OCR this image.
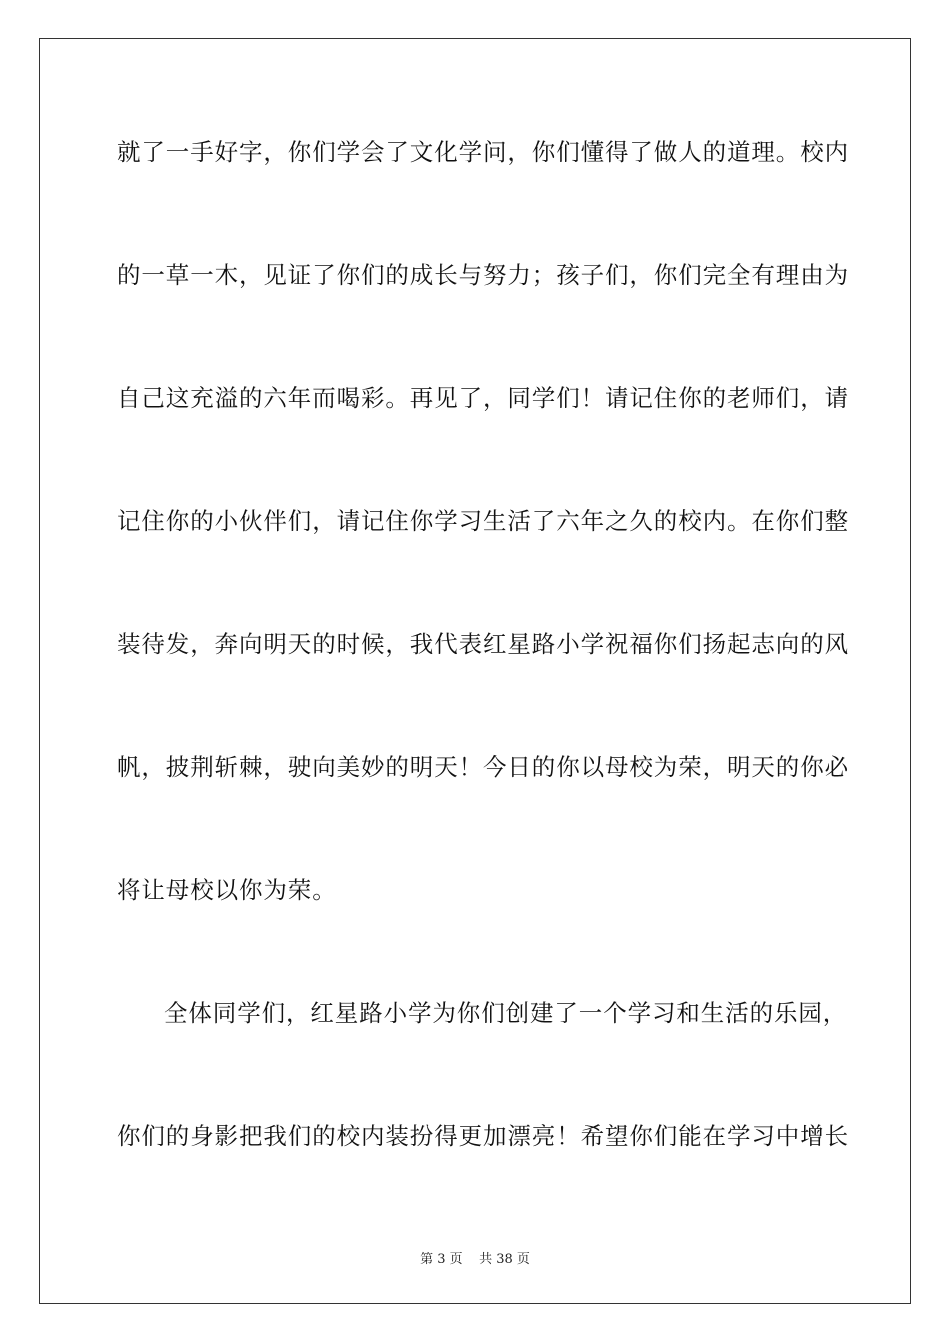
就了一手好字，你们学会了文化学问，你们懂得了做人的道理。校内
的一草一木，见证了你们的成长与努力；孩子们，你们完全有理由为
自己这充溢的六年而喝彩。再见了，同学们！请记住你的老师们，请
记住你的小伙伴们，请记住你学习生活了六年之久的校内。在你们整
装待发，奔向明天的时候，我代表红星路小学祝福你们扬起志向的风
帆，披荆斩棘，驶向美妙的明天！今日的你以母校为荣，明天的你必
将让母校以你为荣。
全体同学们，红星路小学为你们创建了一个学习和生活的乐园，
你们的身影把我们的校内装扮得更加漂亮！希望你们能在学习中增长
第 3 页    共 38 页
